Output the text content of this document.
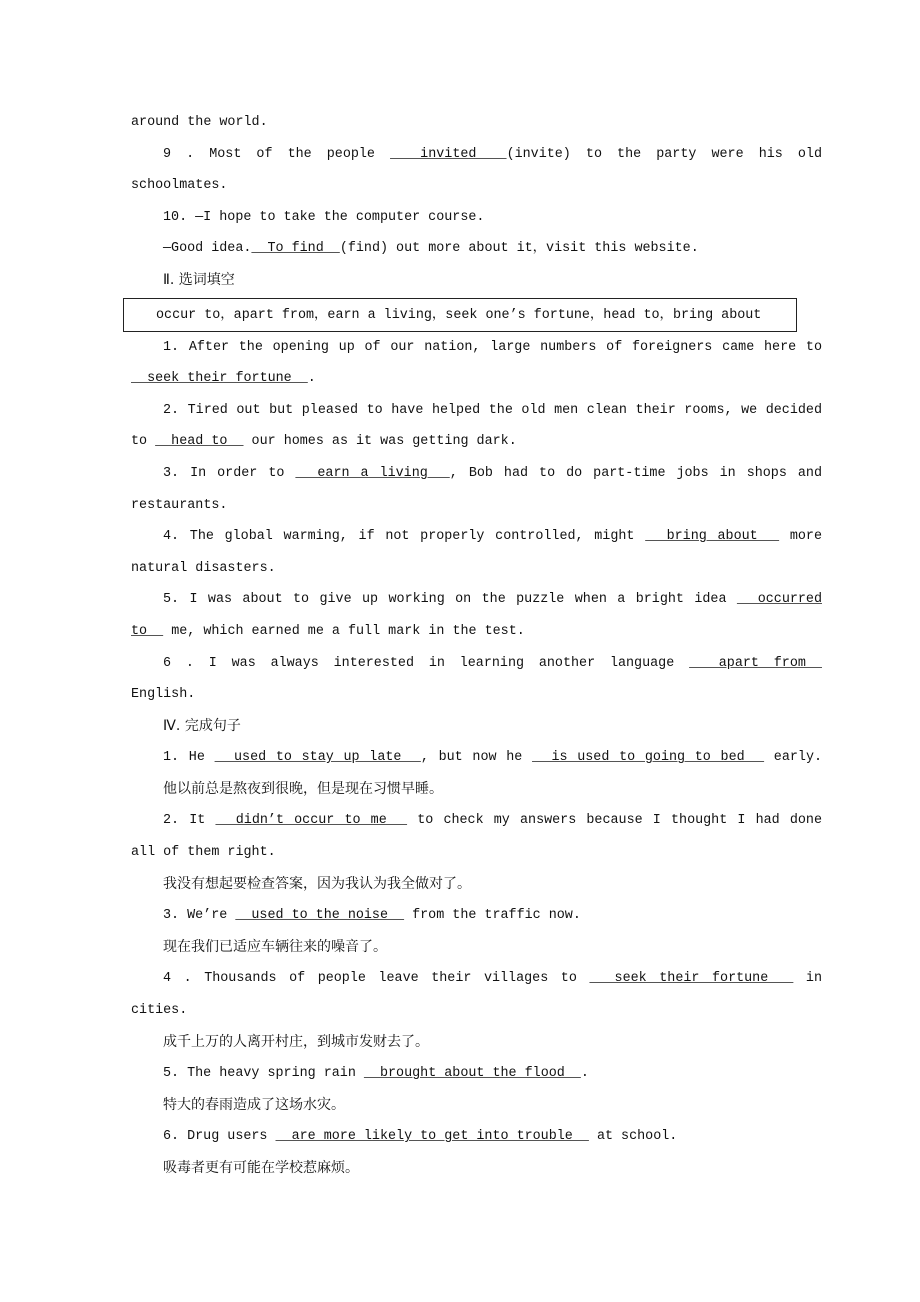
around the world.
9 . Most of the people   invited  (invite) to the party were his old
schoolmates.
10. —I hope to take the computer course.
—Good idea.  To find  (find) out more about it，visit this website.
Ⅱ. 选词填空
occur to，apart from，earn a living，seek one’s fortune，head to，bring about
1. After the opening up of our nation, large numbers of foreigners came here to
seek their fortune  .
2. Tired out but pleased to have helped the old men clean their rooms, we decided
to   head to   our homes as it was getting dark.
3. In order to   earn a living  , Bob had to do part-time jobs in shops and
restaurants.
4. The global warming, if not properly controlled, might   bring about   more
natural disasters.
5. I was about to give up working on the puzzle when a bright idea   occurred
to   me, which earned me a full mark in the test.
6 . I was always interested in learning another language   apart from
English.
Ⅳ. 完成句子
1. He   used to stay up late  , but now he   is used to going to bed   early.
他以前总是熬夜到很晚，但是现在习惯早睡。
2. It   didn’t occur to me   to check my answers because I thought I had done
all of them right.
我没有想起要检查答案，因为我认为我全做对了。
3. We’re   used to the noise   from the traffic now.
现在我们已适应车辆往来的噪音了。
4 . Thousands of people leave their villages to   seek their fortune   in
cities.
成千上万的人离开村庄，到城市发财去了。
5. The heavy spring rain   brought about the flood  .
特大的春雨造成了这场水灾。
6. Drug users   are more likely to get into trouble   at school.
吸毒者更有可能在学校惹麻烦。
